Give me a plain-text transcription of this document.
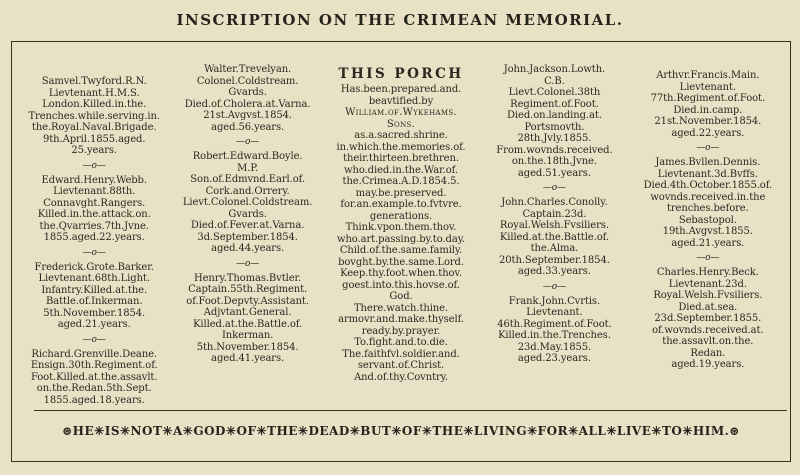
INSCRIPTION ON THE CRIMEAN MEMORIAL.
Samvel.Twyford.R.N.
Lievtenant.H.M.S.
London.Killed.in.the.
Trenches.while.serving.in.
the.Royal.Naval.Brigade.
9th.April.1855.aged.
25.years.
—o—
Edward.Henry.Webb.
Lievtenant.88th.
Connavght.Rangers.
Killed.in.the.attack.on.
the.Qvarries.7th.Jvne.
1855.aged.22.years.
—o—
Frederick.Grote.Barker.
Lievtenant.68th.Light.
Infantry.Killed.at.the.
Battle.of.Inkerman.
5th.November.1854.
aged.21.years.
—o—
Richard.Grenville.Deane.
Ensign.30th.Regiment.of.
Foot.Killed.at.the.assavlt.
on.the.Redan.5th.Sept.
1855.aged.18.years.
Walter.Trevelyan.
Colonel.Coldstream.
Gvards.
Died.of.Cholera.at.Varna.
21st.Avgvst.1854.
aged.56.years.
—o—
Robert.Edward.Boyle.
M.P.
Son.of.Edmvnd.Earl.of.
Cork.and.Orrery.
Lievt.Colonel.Coldstream.
Gvards.
Died.of.Fever.at.Varna.
3d.September.1854.
aged.44.years.
—o—
Henry.Thomas.Bvtler.
Captain.55th.Regiment.
of.Foot.Depvty.Assistant.
Adjvtant.General.
Killed.at.the.Battle.of.
Inkerman.
5th.November.1854.
aged.41.years.
THIS PORCH
Has.been.prepared.and.
beavtified.by
William.of.Wykehams.
Sons.
as.a.sacred.shrine.
in.which.the.memories.of.
their.thirteen.brethren.
who.died.in.the.War.of.
the.Crimea.A.D.1854.5.
may.be.preserved.
for.an.example.to.fvtvre.
generations.
Think.vpon.them.thov.
who.art.passing.by.to.day.
Child.of.the.same.family.
bovght.by.the.same.Lord.
Keep.thy.foot.when.thov.
goest.into.this.hovse.of.
God.
There.watch.thine.
armovr.and.make.thyself.
ready.by.prayer.
To.fight.and.to.die.
The.faithfvl.soldier.and.
servant.of.Christ.
And.of.thy.Covntry.
John.Jackson.Lowth.
C.B.
Lievt.Colonel.38th
Regiment.of.Foot.
Died.on.landing.at.
Portsmovth.
28th.Jvly.1855.
From.wovnds.received.
on.the.18th.Jvne.
aged.51.years.
—o—
John.Charles.Conolly.
Captain.23d.
Royal.Welsh.Fvsiliers.
Killed.at.the.Battle.of.
the.Alma.
20th.September.1854.
aged.33.years.
—o—
Frank.John.Cvrtis.
Lievtenant.
46th.Regiment.of.Foot.
Killed.in.the.Trenches.
23d.May.1855.
aged.23.years.
Arthvr.Francis.Main.
Lievtenant.
77th.Regiment.of.Foot.
Died.in.camp.
21st.November.1854.
aged.22.years.
—o—
James.Bvllen.Dennis.
Lievtenant.3d.Bvffs.
Died.4th.October.1855.of.
wovnds.received.in.the
trenches.before.
Sebastopol.
19th.Avgvst.1855.
aged.21.years.
—o—
Charles.Henry.Beck.
Lievtenant.23d.
Royal.Welsh.Fvsiliers.
Died.at.sea.
23d.September.1855.
of.wovnds.received.at.
the.assavlt.on.the.
Redan.
aged.19.years.
⊛HE✳IS✳NOT✳A✳GOD✳OF✳THE✳DEAD✳BUT✳OF✳THE✳LIVING✳FOR✳ALL✳LIVE✳TO✳HIM.⊛
